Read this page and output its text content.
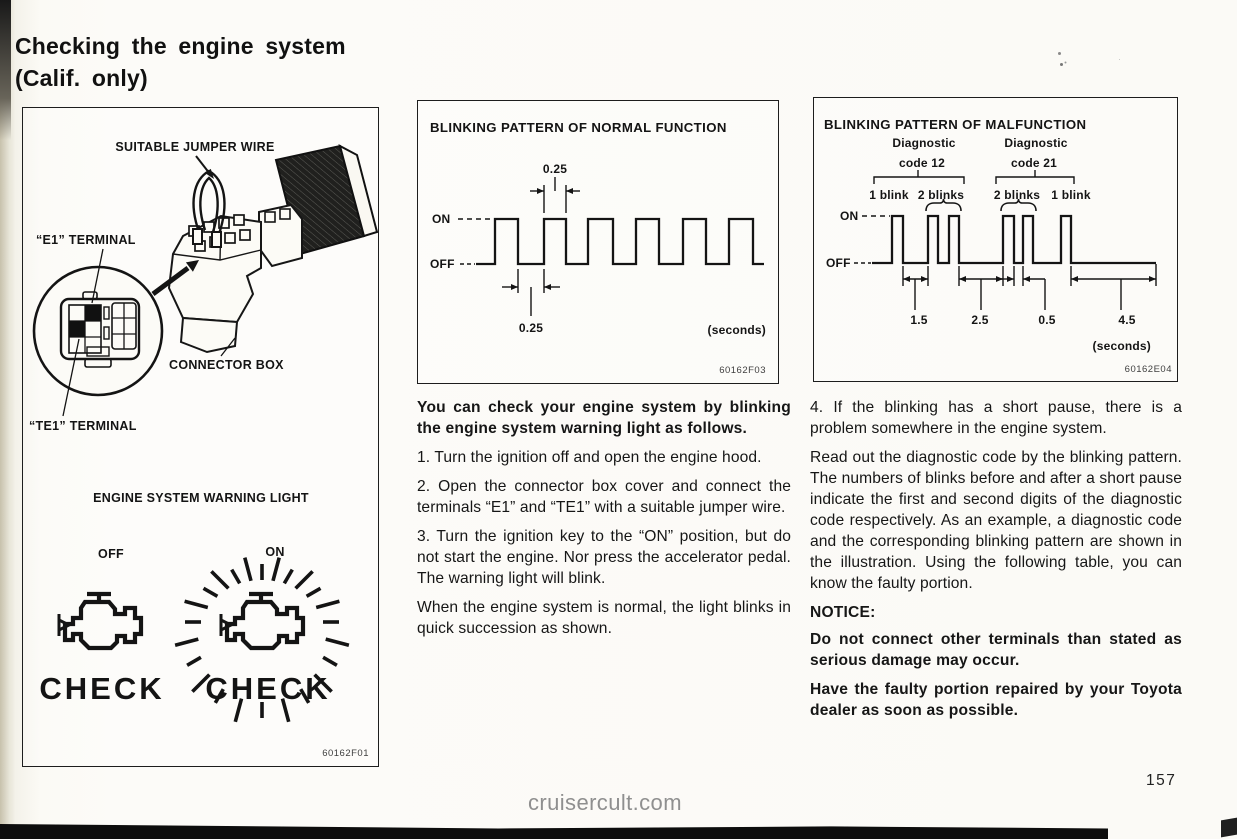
Checking the engine system
(Calif. only)
SUITABLE JUMPER WIRE
“E1” TERMINAL
“TE1” TERMINAL
CONNECTOR BOX
ENGINE SYSTEM WARNING LIGHT
OFF	ON
CHECK CHECK
60162F01
BLINKING PATTERN OF NORMAL FUNCTION
ON
OFF
0.25
0.25	(seconds)
60162F03
BLINKING PATTERN OF MALFUNCTION
Diagnostic
code 12
Diagnostic
code 21
1 blink 2 blinks 2 blinks 1 blink
ON
OFF
1.5	2.5	0.5	4.5
(seconds)
60162E04

You can check your engine system by blinking the engine system warning light as follows.

1. Turn the ignition off and open the engine hood.

2. Open the connector box cover and connect the terminals “E1” and “TE1” with a suitable jumper wire.

3. Turn the ignition key to the “ON” position, but do not start the engine. Nor press the accelerator pedal. The warning light will blink.

When the engine system is normal, the light blinks in quick succession as shown.

4. If the blinking has a short pause, there is a problem somewhere in the engine system.

Read out the diagnostic code by the blinking pattern. The numbers of blinks before and after a short pause indicate the first and second digits of the diagnostic code respectively. As an example, a diagnostic code and the corresponding blinking pattern are shown in the illustration. Using the following table, you can know the faulty portion.

NOTICE:

Do not connect other terminals than stated as serious damage may occur.

Have the faulty portion repaired by your Toyota dealer as soon as possible.

157
cruisercult.com
